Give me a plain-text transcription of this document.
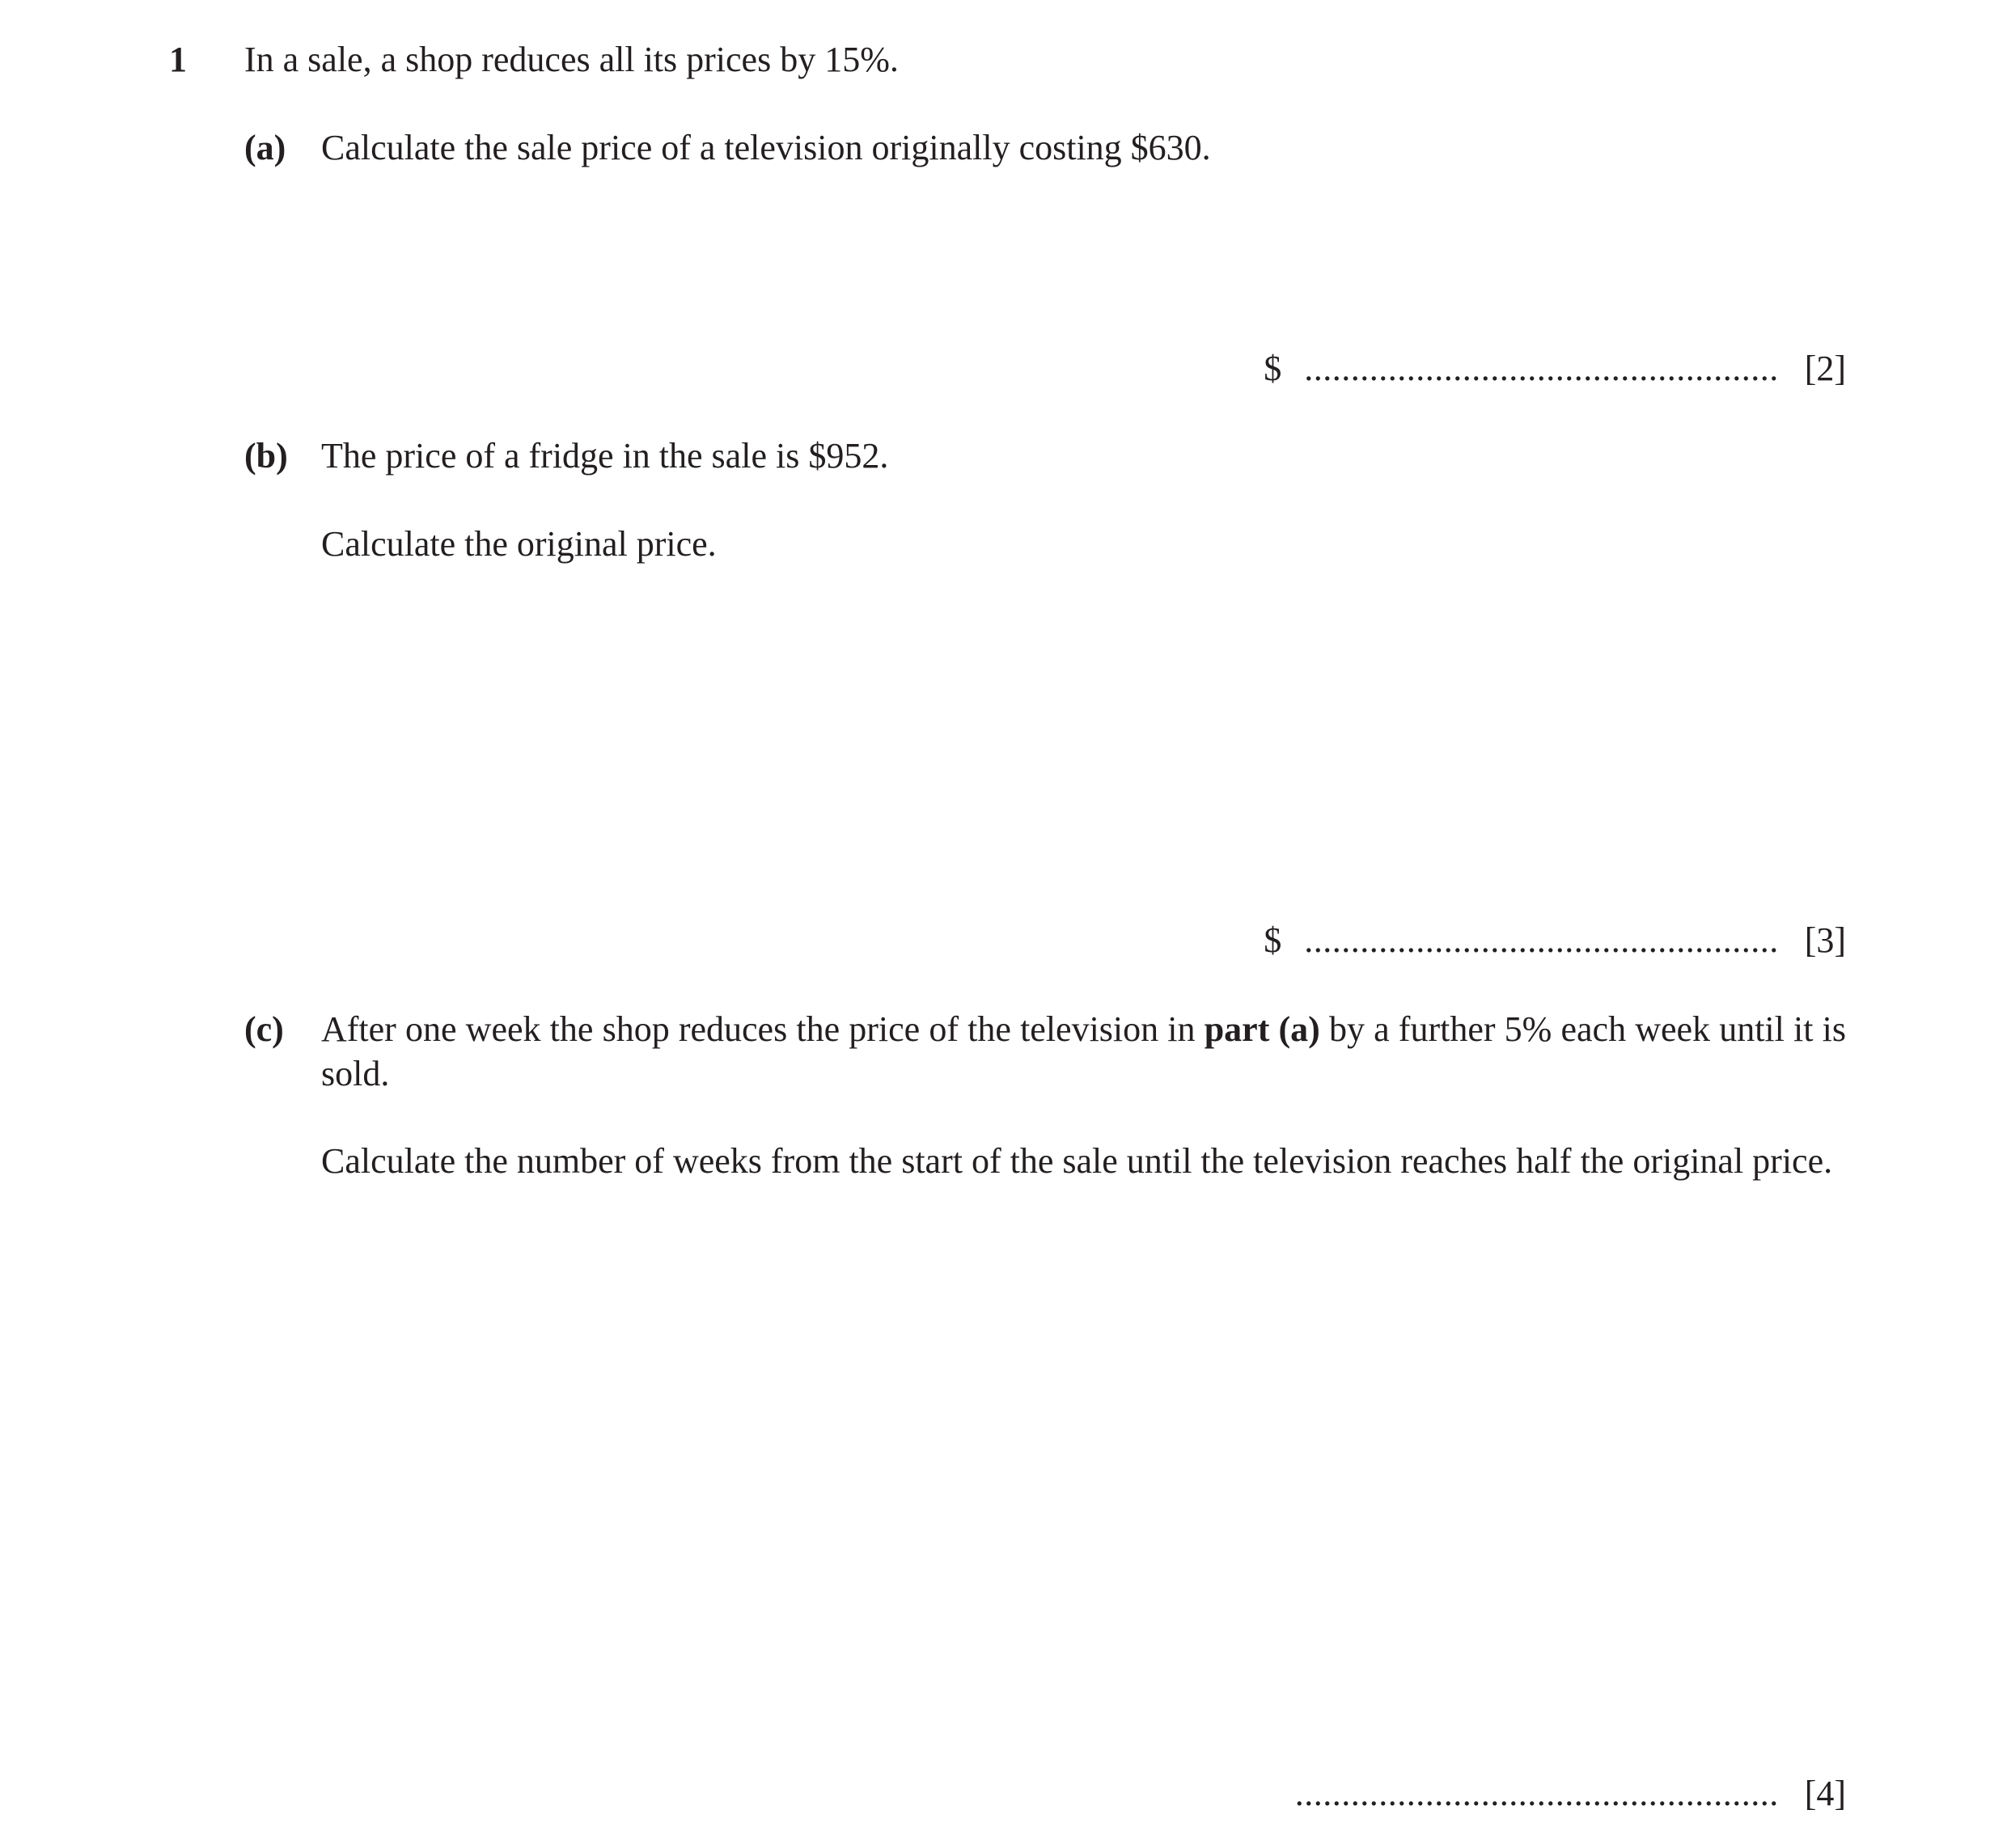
1 In a sale, a shop reduces all its prices by 15%.
(a) Calculate the sale price of a television originally costing $630.
$ ................................................... [2]
(b) The price of a fridge in the sale is $952.
Calculate the original price.
$ ................................................... [3]
(c) After one week the shop reduces the price of the television in part (a) by a further 5% each week until it is sold.
Calculate the number of weeks from the start of the sale until the television reaches half the original price.
.................................................... [4]
